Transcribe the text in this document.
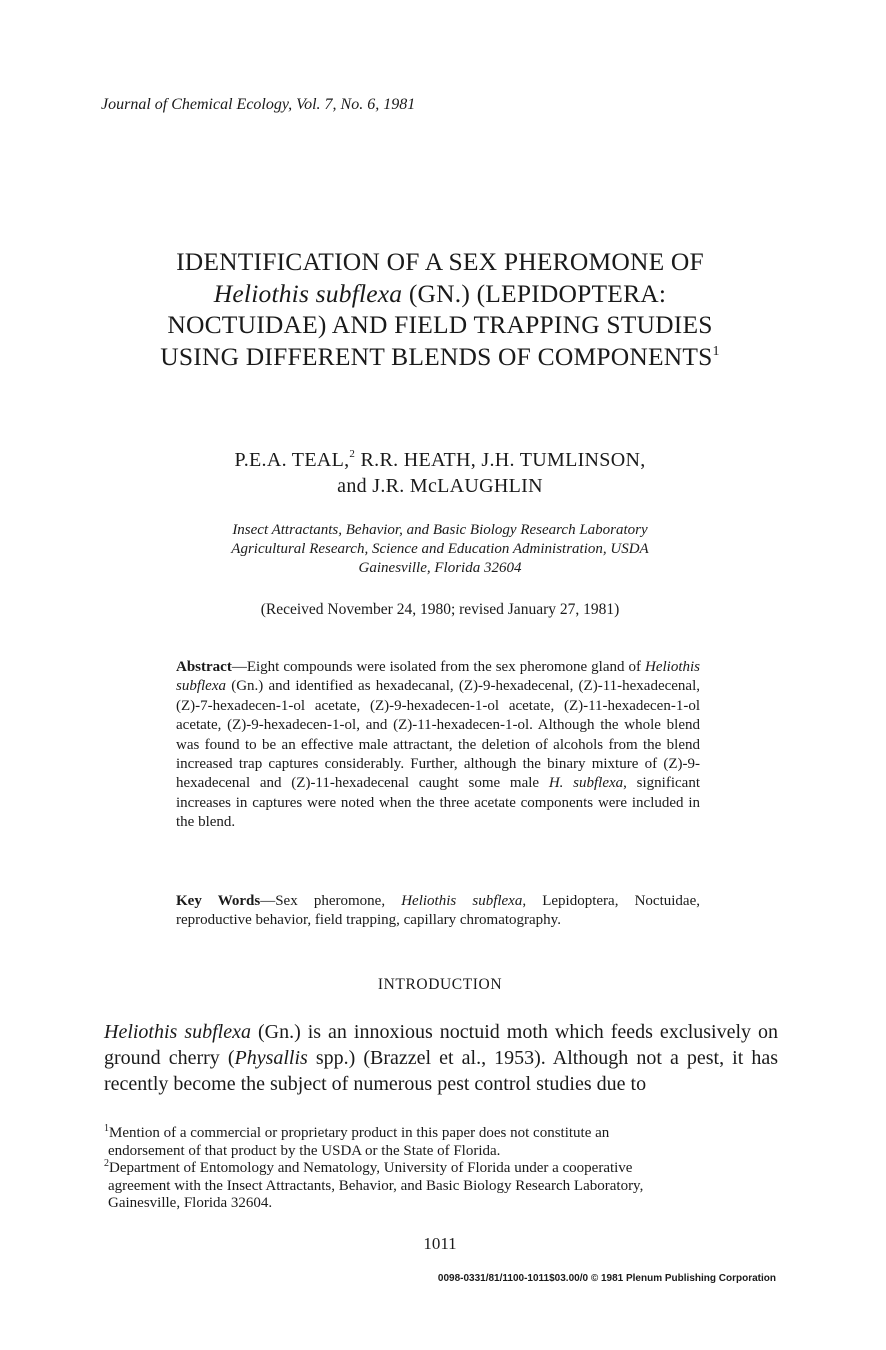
Journal of Chemical Ecology, Vol. 7, No. 6, 1981
IDENTIFICATION OF A SEX PHEROMONE OF
Heliothis subflexa (GN.) (LEPIDOPTERA:
NOCTUIDAE) AND FIELD TRAPPING STUDIES
USING DIFFERENT BLENDS OF COMPONENTS$^1$
P.E.A. TEAL,$^2$ R.R. HEATH, J.H. TUMLINSON,
and J.R. McLAUGHLIN
Insect Attractants, Behavior, and Basic Biology Research Laboratory
Agricultural Research, Science and Education Administration, USDA
Gainesville, Florida 32604
(Received November 24, 1980; revised January 27, 1981)
Abstract—Eight compounds were isolated from the sex pheromone gland of Heliothis subflexa (Gn.) and identified as hexadecanal, (Z)-9-hexadecenal, (Z)-11-hexadecenal, (Z)-7-hexadecen-1-ol acetate, (Z)-9-hexadecen-1-ol acetate, (Z)-11-hexadecen-1-ol acetate, (Z)-9-hexadecen-1-ol, and (Z)-11-hexadecen-1-ol. Although the whole blend was found to be an effective male attractant, the deletion of alcohols from the blend increased trap captures considerably. Further, although the binary mixture of (Z)-9-hexadecenal and (Z)-11-hexadecenal caught some male H. subflexa, significant increases in captures were noted when the three acetate components were included in the blend.
Key Words—Sex pheromone, Heliothis subflexa, Lepidoptera, Noctuidae, reproductive behavior, field trapping, capillary chromatography.
INTRODUCTION
Heliothis subflexa (Gn.) is an innoxious noctuid moth which feeds exclusively on ground cherry (Physallis spp.) (Brazzel et al., 1953). Although not a pest, it has recently become the subject of numerous pest control studies due to
$^1$Mention of a commercial or proprietary product in this paper does not constitute an
endorsement of that product by the USDA or the State of Florida.
$^2$Department of Entomology and Nematology, University of Florida under a cooperative
agreement with the Insect Attractants, Behavior, and Basic Biology Research Laboratory,
Gainesville, Florida 32604.
1011
0098-0331/81/1100-1011$03.00/0 © 1981 Plenum Publishing Corporation
